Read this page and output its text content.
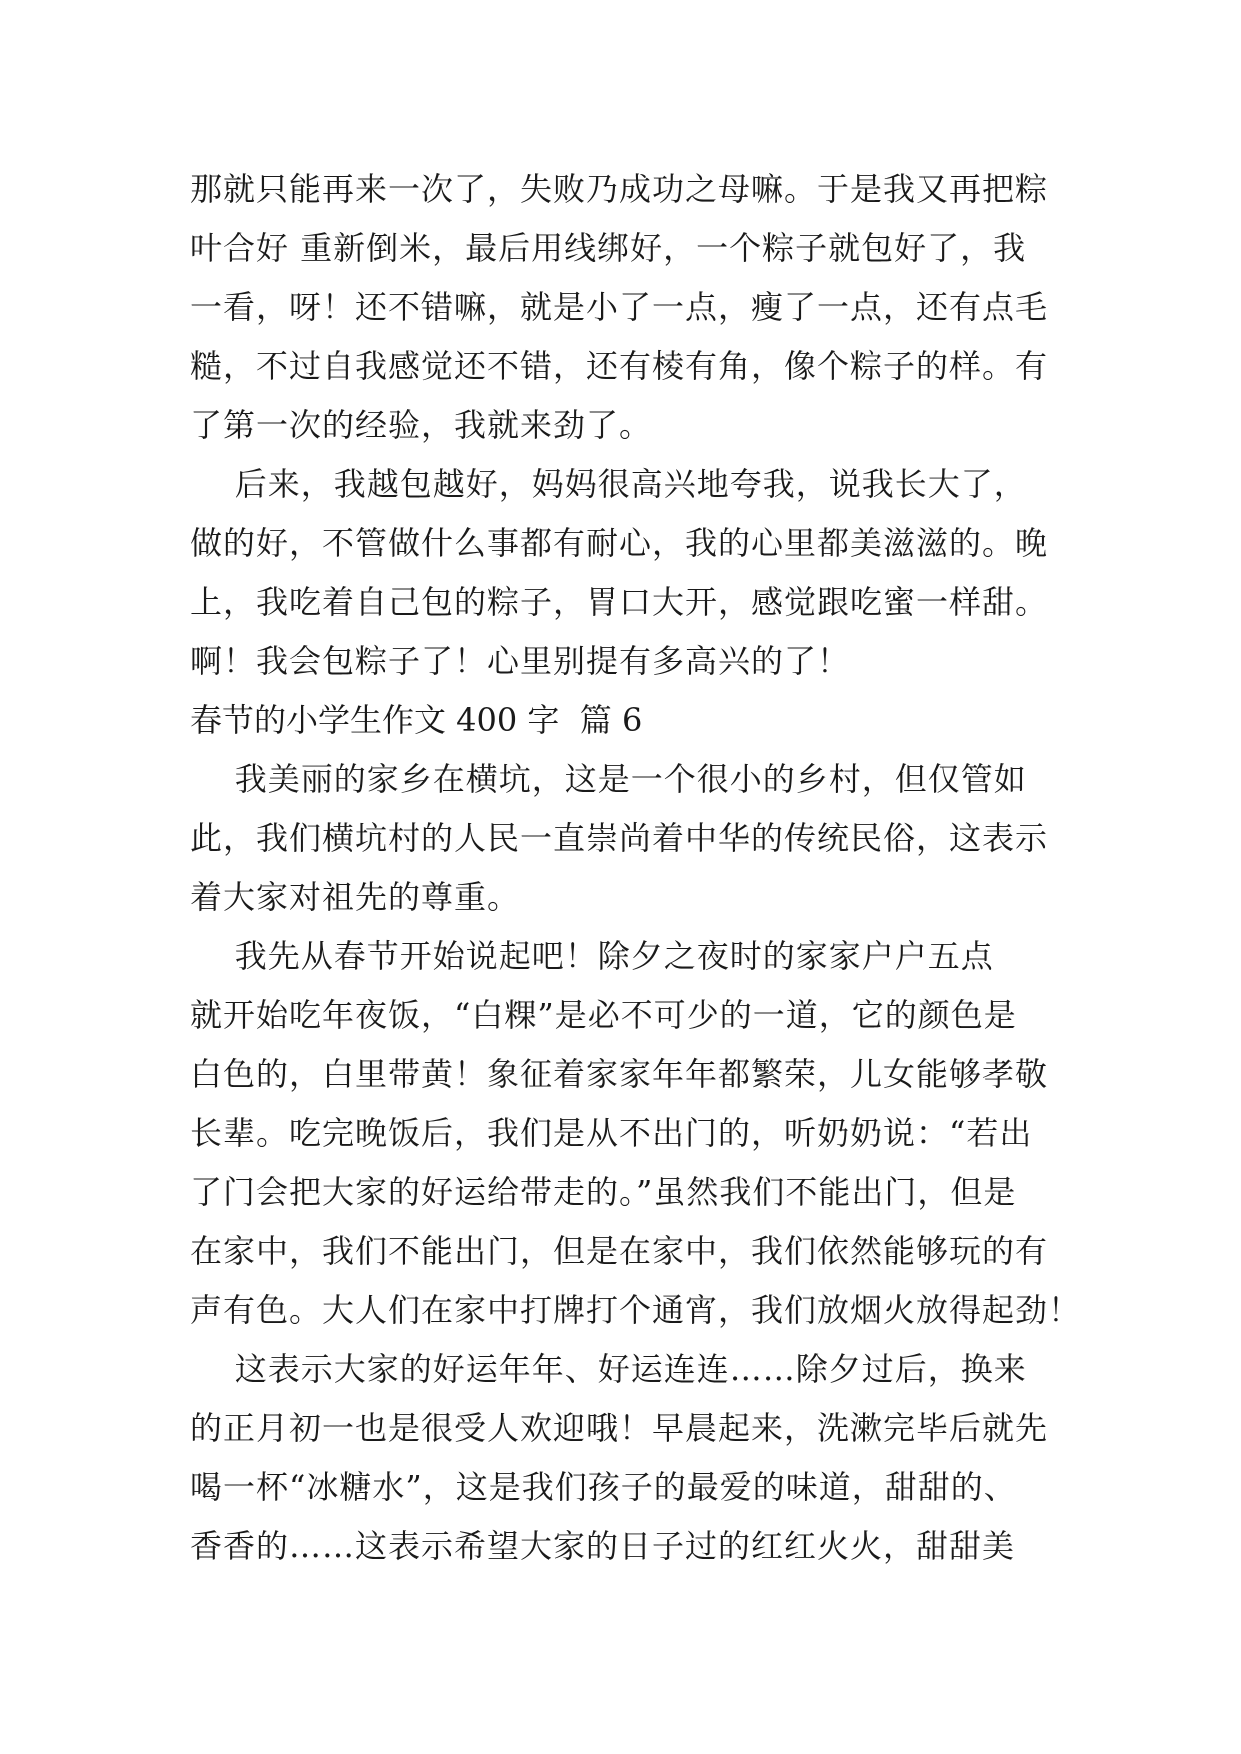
那就只能再来一次了，失败乃成功之母嘛。于是我又再把粽
叶合好 重新倒米，最后用线绑好，一个粽子就包好了，我
一看，呀！还不错嘛，就是小了一点，瘦了一点，还有点毛
糙，不过自我感觉还不错，还有棱有角，像个粽子的样。有
了第一次的经验，我就来劲了。
后来，我越包越好，妈妈很高兴地夸我，说我长大了，
做的好，不管做什么事都有耐心，我的心里都美滋滋的。晚
上，我吃着自己包的粽子，胃口大开，感觉跟吃蜜一样甜。
啊！我会包粽子了！心里别提有多高兴的了！
春节的小学生作文 400 字  篇 6
我美丽的家乡在横坑，这是一个很小的乡村，但仅管如
此，我们横坑村的人民一直崇尚着中华的传统民俗，这表示
着大家对祖先的尊重。
我先从春节开始说起吧！除夕之夜时的家家户户五点
就开始吃年夜饭，“白粿”是必不可少的一道，它的颜色是
白色的，白里带黄！象征着家家年年都繁荣，儿女能够孝敬
长辈。吃完晚饭后，我们是从不出门的，听奶奶说：“若出
了门会把大家的好运给带走的。”虽然我们不能出门，但是
在家中，我们不能出门，但是在家中，我们依然能够玩的有
声有色。大人们在家中打牌打个通宵，我们放烟火放得起劲！
这表示大家的好运年年、好运连连……除夕过后，换来
的正月初一也是很受人欢迎哦！早晨起来，洗漱完毕后就先
喝一杯“冰糖水”，这是我们孩子的最爱的味道，甜甜的、
香香的……这表示希望大家的日子过的红红火火，甜甜美
